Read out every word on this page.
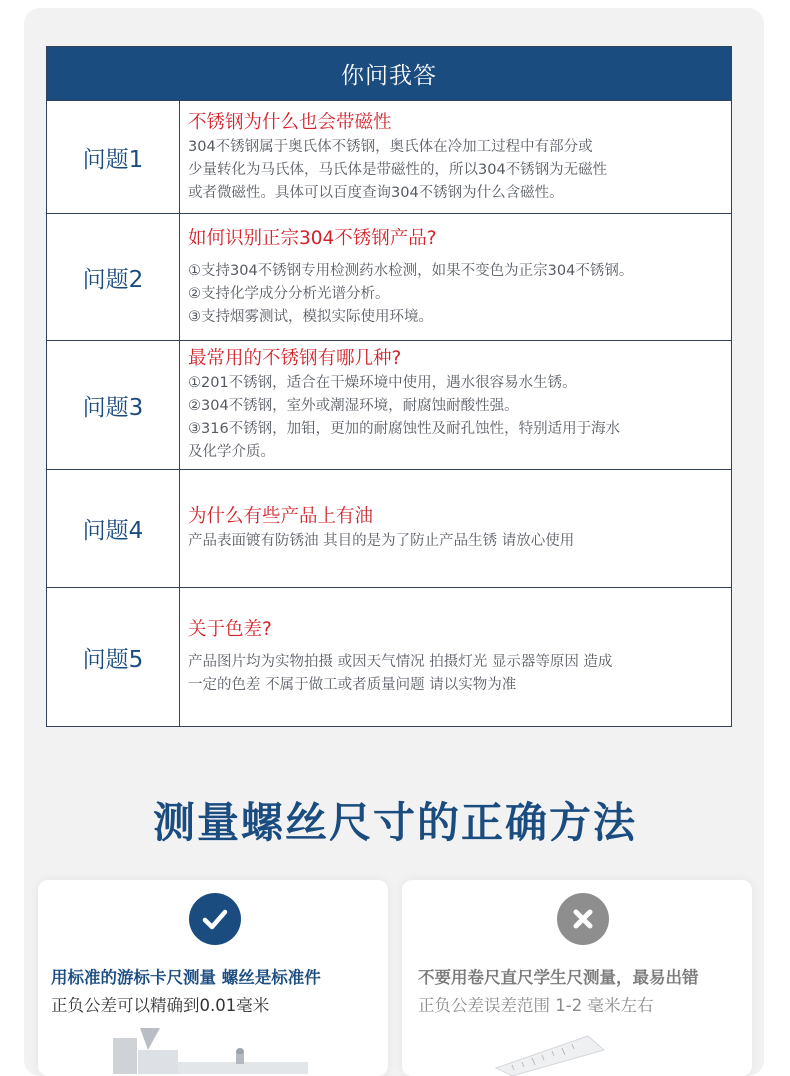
你问我答
问题1
不锈钢为什么也会带磁性
304不锈钢属于奥氏体不锈钢，奥氏体在冷加工过程中有部分或
少量转化为马氏体，马氏体是带磁性的，所以304不锈钢为无磁性
或者微磁性。具体可以百度查询304不锈钢为什么含磁性。
问题2
如何识别正宗304不锈钢产品?
①支持304不锈钢专用检测药水检测，如果不变色为正宗304不锈钢。
②支持化学成分分析光谱分析。
③支持烟雾测试，模拟实际使用环境。
问题3
最常用的不锈钢有哪几种?
①201不锈钢，适合在干燥环境中使用，遇水很容易水生锈。
②304不锈钢，室外或潮湿环境，耐腐蚀耐酸性强。
③316不锈钢，加钼，更加的耐腐蚀性及耐孔蚀性，特别适用于海水
及化学介质。
问题4
为什么有些产品上有油
产品表面镀有防锈油 其目的是为了防止产品生锈 请放心使用
问题5
关于色差?
产品图片均为实物拍摄 或因天气情况 拍摄灯光 显示器等原因 造成
一定的色差 不属于做工或者质量问题 请以实物为准
测量螺丝尺寸的正确方法
用标准的游标卡尺测量 螺丝是标准件
正负公差可以精确到0.01毫米
不要用卷尺直尺学生尺测量，最易出错
正负公差误差范围 1-2 毫米左右
